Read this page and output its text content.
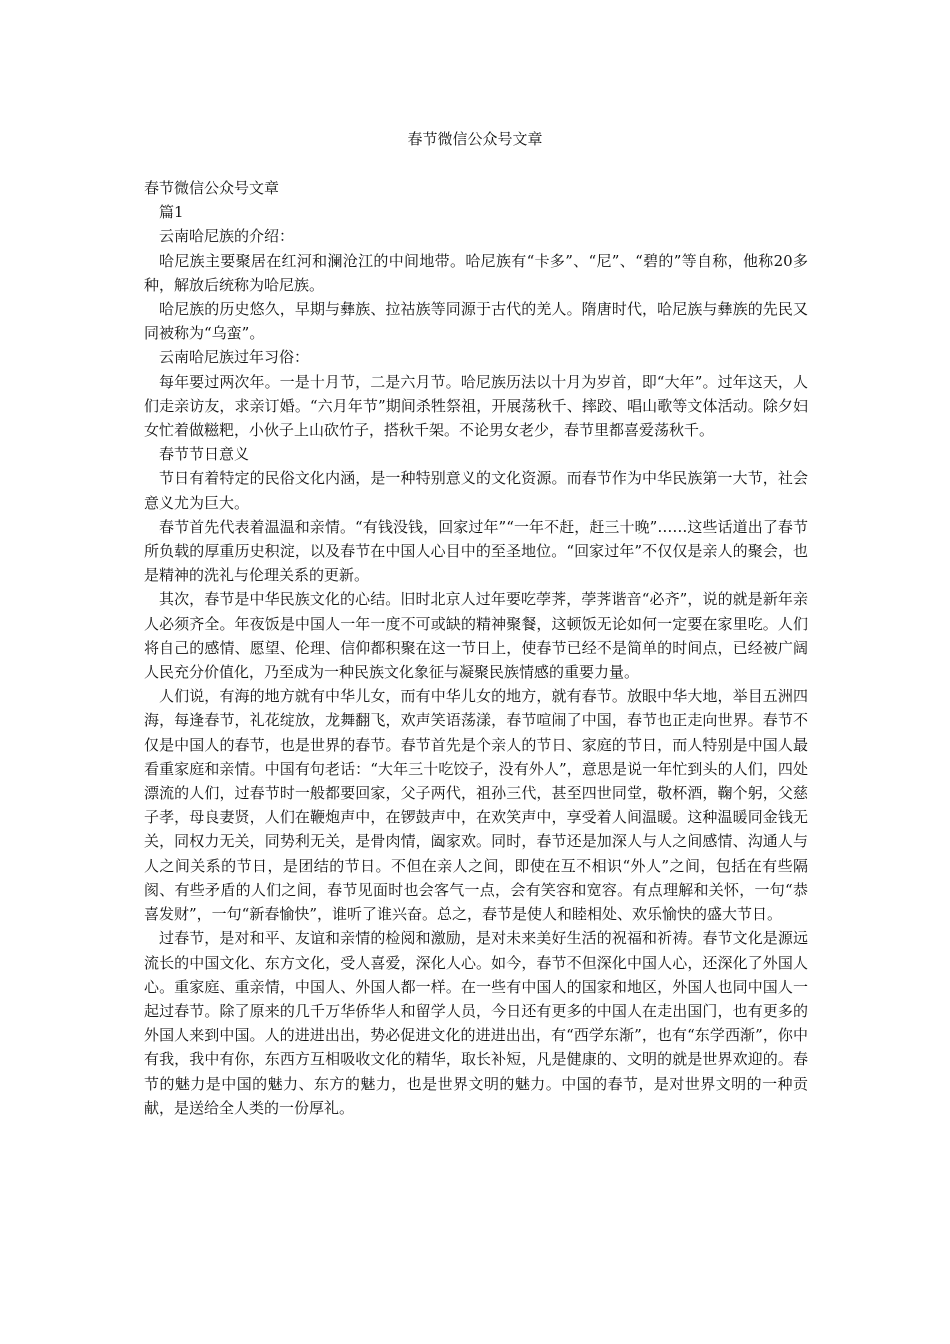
春节微信公众号文章

春节微信公众号文章

篇1

云南哈尼族的介绍：

哈尼族主要聚居在红河和澜沧江的中间地带。哈尼族有“卡多”、“尼”、“碧的”等自称，他称20多种，解放后统称为哈尼族。

哈尼族的历史悠久，早期与彝族、拉祜族等同源于古代的羌人。隋唐时代，哈尼族与彝族的先民又同被称为“乌蛮”。

云南哈尼族过年习俗：

每年要过两次年。一是十月节，二是六月节。哈尼族历法以十月为岁首，即“大年”。过年这天，人们走亲访友，求亲订婚。“六月年节”期间杀牲祭祖，开展荡秋千、摔跤、唱山歌等文体活动。除夕妇女忙着做糍粑，小伙子上山砍竹子，搭秋千架。不论男女老少，春节里都喜爱荡秋千。

春节节日意义

节日有着特定的民俗文化内涵，是一种特别意义的文化资源。而春节作为中华民族第一大节，社会意义尤为巨大。

春节首先代表着温温和亲情。“有钱没钱，回家过年”“一年不赶，赶三十晚”……这些话道出了春节所负载的厚重历史积淀，以及春节在中国人心目中的至圣地位。“回家过年”不仅仅是亲人的聚会，也是精神的洗礼与伦理关系的更新。

其次，春节是中华民族文化的心结。旧时北京人过年要吃荸荠，荸荠谐音“必齐”，说的就是新年亲人必须齐全。年夜饭是中国人一年一度不可或缺的精神聚餐，这顿饭无论如何一定要在家里吃。人们将自己的感情、愿望、伦理、信仰都积聚在这一节日上，使春节已经不是简单的时间点，已经被广阔人民充分价值化，乃至成为一种民族文化象征与凝聚民族情感的重要力量。

人们说，有海的地方就有中华儿女，而有中华儿女的地方，就有春节。放眼中华大地，举目五洲四海，每逢春节，礼花绽放，龙舞翻飞，欢声笑语荡漾，春节喧闹了中国，春节也正走向世界。春节不仅是中国人的春节，也是世界的春节。春节首先是个亲人的节日、家庭的节日，而人特别是中国人最看重家庭和亲情。中国有句老话：“大年三十吃饺子，没有外人”，意思是说一年忙到头的人们，四处漂流的人们，过春节时一般都要回家，父子两代，祖孙三代，甚至四世同堂，敬杯酒，鞠个躬，父慈子孝，母良妻贤，人们在鞭炮声中，在锣鼓声中，在欢笑声中，享受着人间温暖。这种温暖同金钱无关，同权力无关，同势利无关，是骨肉情，阖家欢。同时，春节还是加深人与人之间感情、沟通人与人之间关系的节日，是团结的节日。不但在亲人之间，即使在互不相识“外人”之间，包括在有些隔阂、有些矛盾的人们之间，春节见面时也会客气一点，会有笑容和宽容。有点理解和关怀，一句“恭喜发财”，一句“新春愉快”，谁听了谁兴奋。总之，春节是使人和睦相处、欢乐愉快的盛大节日。

过春节，是对和平、友谊和亲情的检阅和激励，是对未来美好生活的祝福和祈祷。春节文化是源远流长的中国文化、东方文化，受人喜爱，深化人心。如今，春节不但深化中国人心，还深化了外国人心。重家庭、重亲情，中国人、外国人都一样。在一些有中国人的国家和地区，外国人也同中国人一起过春节。除了原来的几千万华侨华人和留学人员，今日还有更多的中国人在走出国门，也有更多的外国人来到中国。人的进进出出，势必促进文化的进进出出，有“西学东渐”，也有“东学西渐”，你中有我，我中有你，东西方互相吸收文化的精华，取长补短，凡是健康的、文明的就是世界欢迎的。春节的魅力是中国的魅力、东方的魅力，也是世界文明的魅力。中国的春节，是对世界文明的一种贡献，是送给全人类的一份厚礼。
